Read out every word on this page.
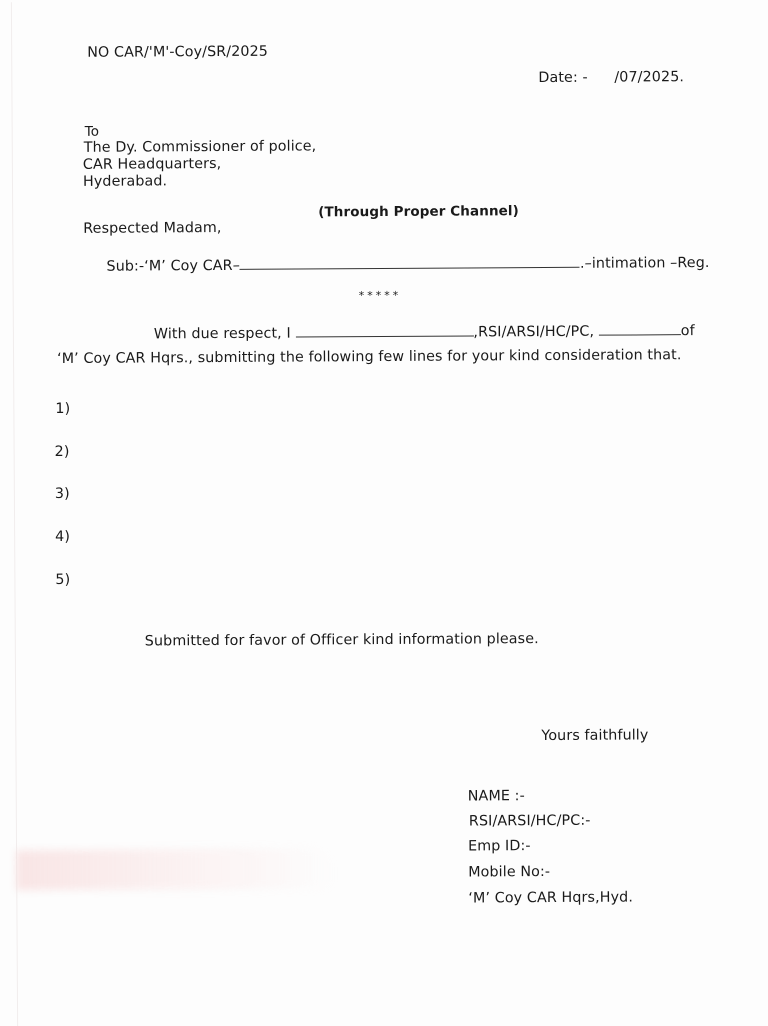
NO CAR/'M'-Coy/SR/2025
Date: - /07/2025.
To
The Dy. Commissioner of police,
CAR Headquarters,
Hyderabad.
(Through Proper Channel)
Respected Madam,
Sub:-‘M’ Coy CAR–	.–intimation –Reg.
*****
With due respect, I	,RSI/ARSI/HC/PC,	of
‘M’ Coy CAR Hqrs., submitting the following few lines for your kind consideration that.
1)
2)
3)
4)
5)
Submitted for favor of Officer kind information please.
Yours faithfully
NAME :-
RSI/ARSI/HC/PC:-
Emp ID:-
Mobile No:-
‘M’ Coy CAR Hqrs,Hyd.
